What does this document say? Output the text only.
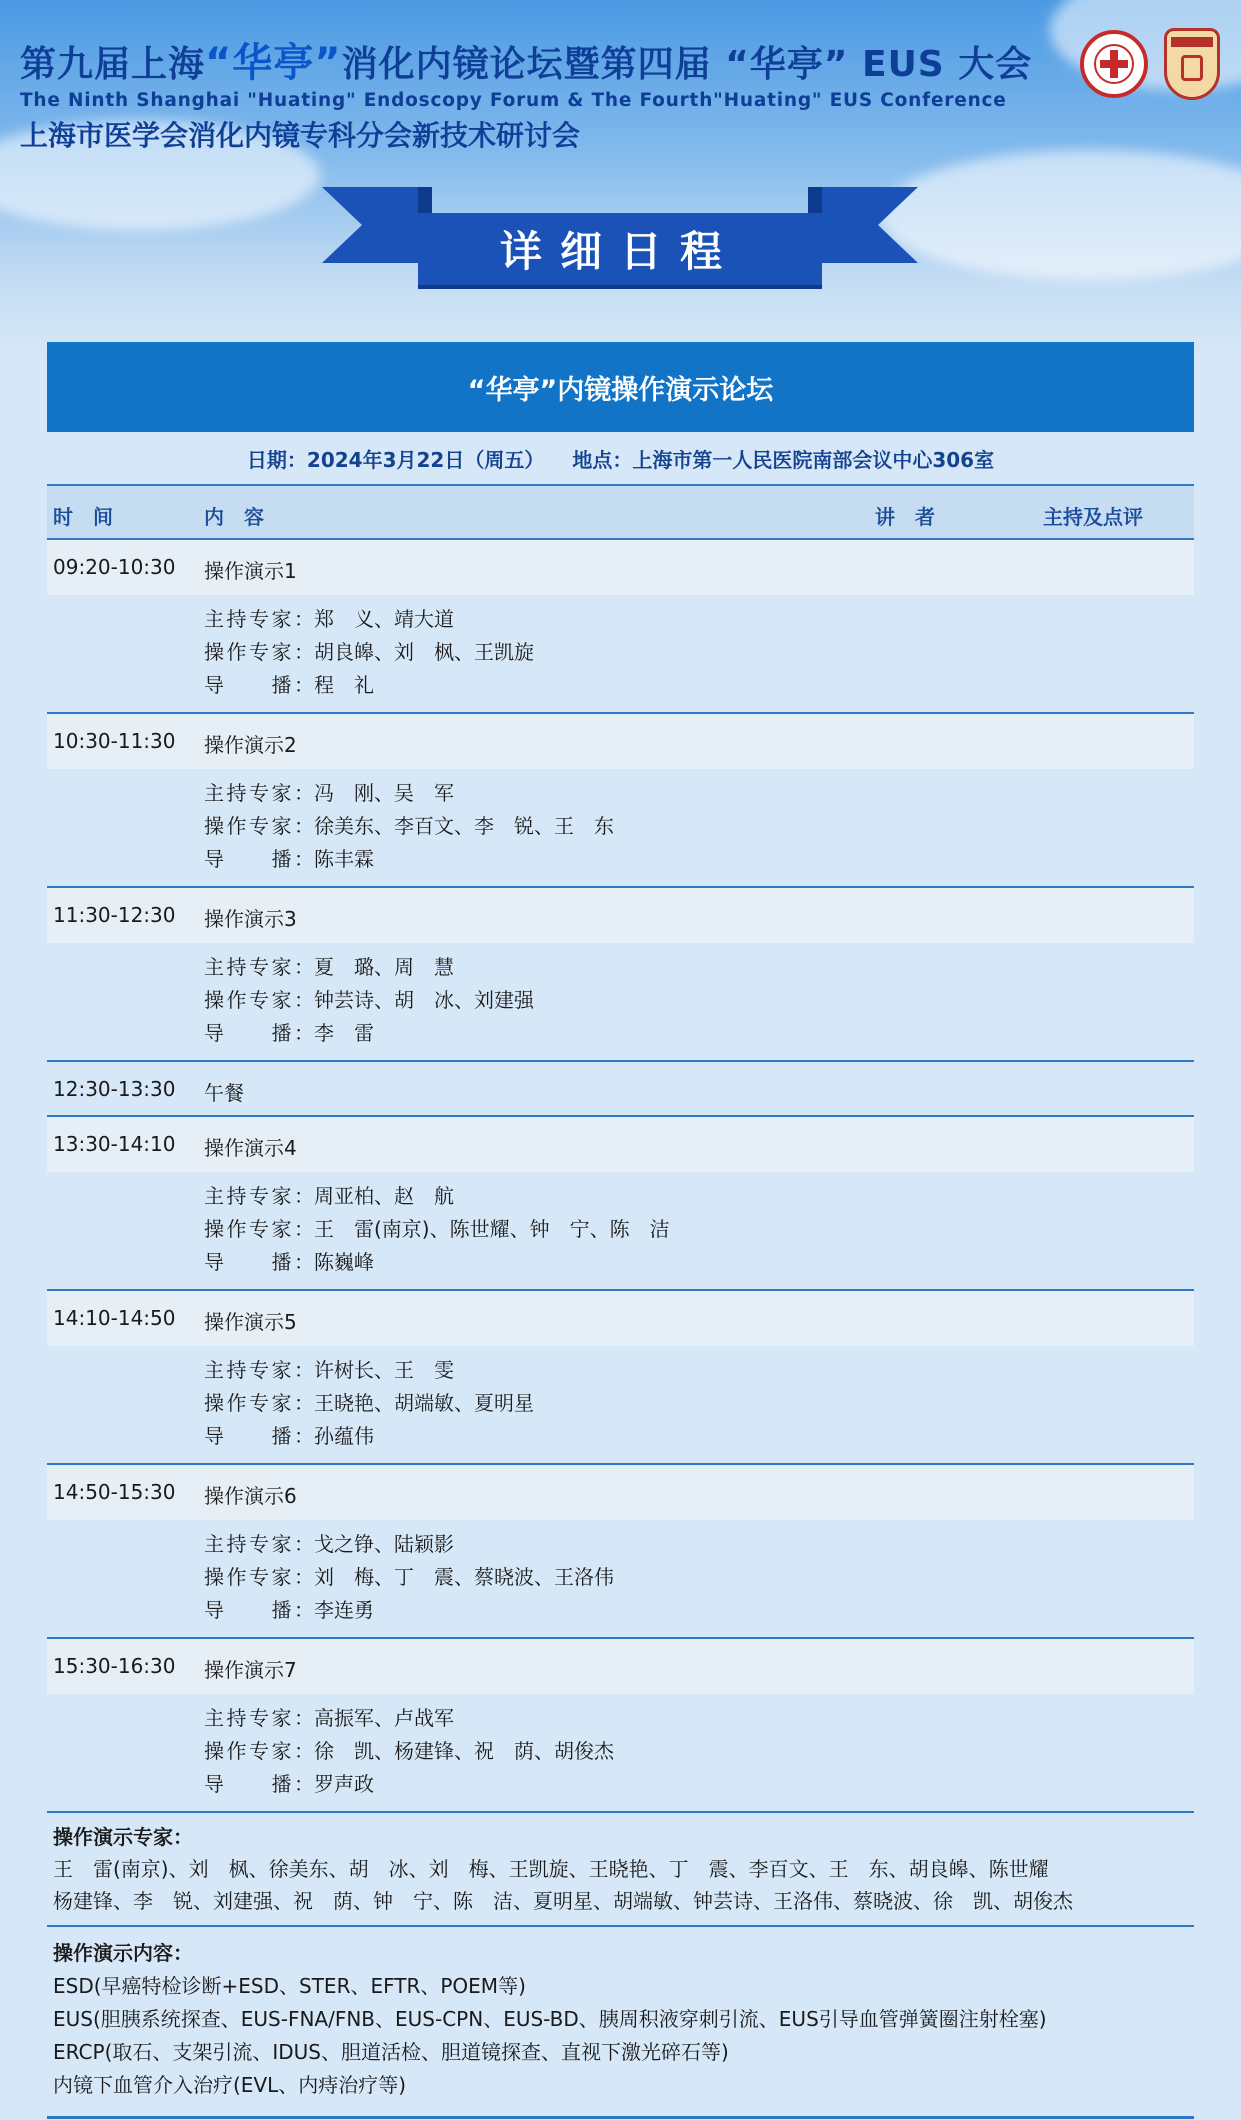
第九届上海“华亭”消化内镜论坛暨第四届 “华亭” EUS 大会
The Ninth Shanghai "Huating" Endoscopy Forum & The Fourth"Huating" EUS Conference
上海市医学会消化内镜专科分会新技术研讨会
详细日程
“华亭”内镜操作演示论坛
日期：2024年3月22日（周五） 地点：上海市第一人民医院南部会议中心306室
时　间	内　容	讲　者	主持及点评
09:20-10:30 操作演示1
主持专家： 郑　义、靖大道
操作专家： 胡良皞、刘　枫、王凯旋
导　　播： 程　礼
10:30-11:30 操作演示2
主持专家： 冯　刚、吴　军
操作专家： 徐美东、李百文、李　锐、王　东
导　　播： 陈丰霖
11:30-12:30 操作演示3
主持专家： 夏　璐、周　慧
操作专家： 钟芸诗、胡　冰、刘建强
导　　播： 李　雷
12:30-13:30 午餐
13:30-14:10 操作演示4
主持专家： 周亚柏、赵　航
操作专家： 王　雷(南京)、陈世耀、钟　宁、陈　洁
导　　播： 陈巍峰
14:10-14:50 操作演示5
主持专家： 许树长、王　雯
操作专家： 王晓艳、胡端敏、夏明星
导　　播： 孙蕴伟
14:50-15:30 操作演示6
主持专家： 戈之铮、陆颖影
操作专家： 刘　梅、丁　震、蔡晓波、王洛伟
导　　播： 李连勇
15:30-16:30 操作演示7
主持专家： 高振军、卢战军
操作专家： 徐　凯、杨建锋、祝　荫、胡俊杰
导　　播： 罗声政
操作演示专家：
王　雷(南京)、刘　枫、徐美东、胡　冰、刘　梅、王凯旋、王晓艳、丁　震、李百文、王　东、胡良皞、陈世耀
杨建锋、李　锐、刘建强、祝　荫、钟　宁、陈　洁、夏明星、胡端敏、钟芸诗、王洛伟、蔡晓波、徐　凯、胡俊杰
操作演示内容：
ESD(早癌特检诊断+ESD、STER、EFTR、POEM等)
EUS(胆胰系统探查、EUS-FNA/FNB、EUS-CPN、EUS-BD、胰周积液穿刺引流、EUS引导血管弹簧圈注射栓塞)
ERCP(取石、支架引流、IDUS、胆道活检、胆道镜探查、直视下激光碎石等)
内镜下血管介入治疗(EVL、内痔治疗等)
